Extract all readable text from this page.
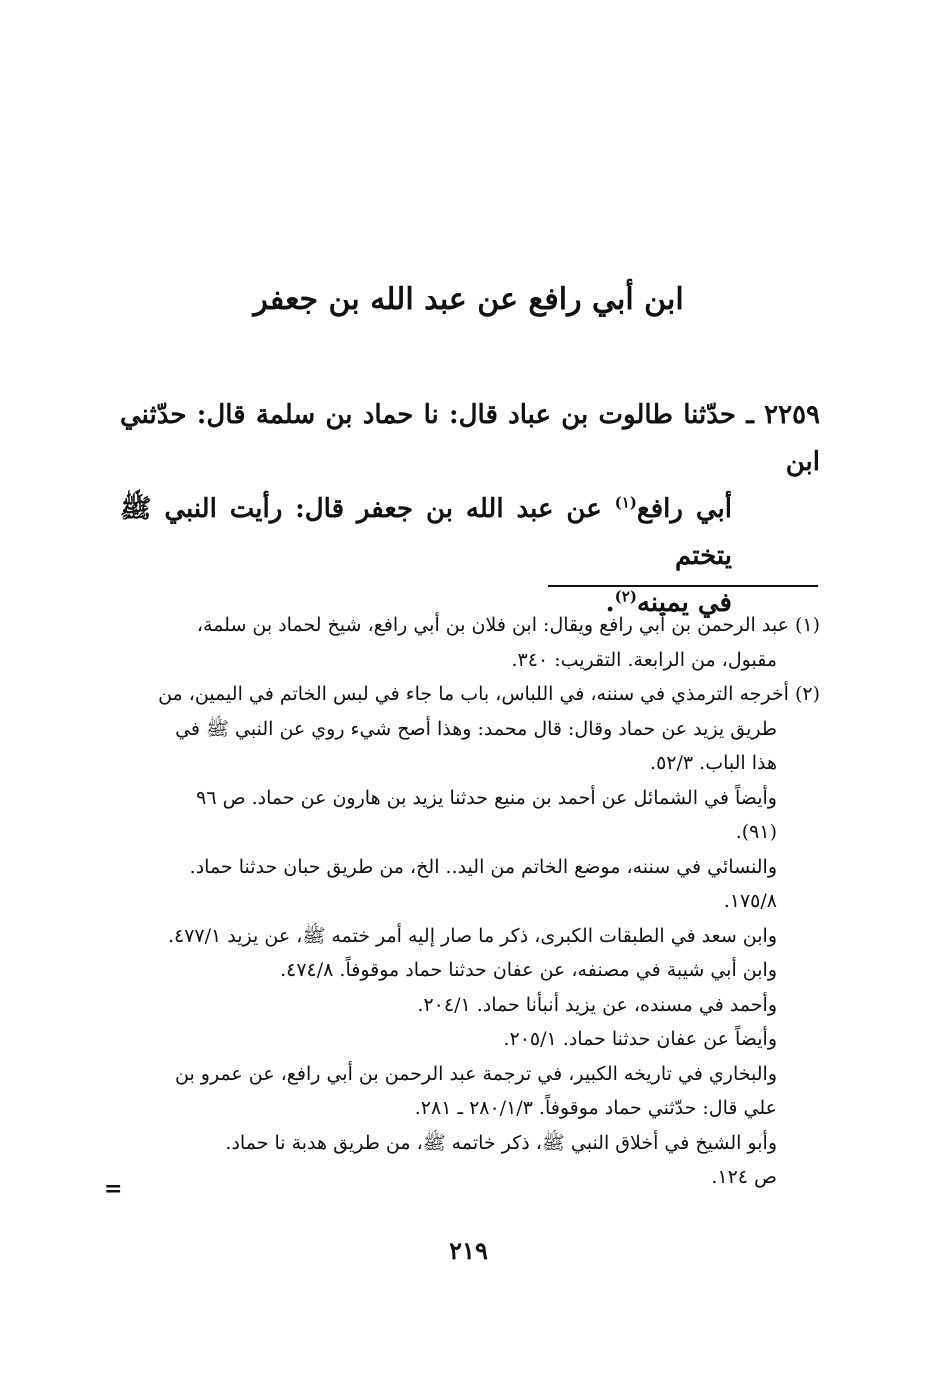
ابن أبي رافع عن عبد الله بن جعفر
٢٢٥٩ ـ حدّثنا طالوت بن عباد قال: نا حماد بن سلمة قال: حدّثني ابن
أبي رافع$^{(١)}$ عن عبد الله بن جعفر قال: رأيت النبي ﷺ يتختم
في يمينه$^{(٢)}$.
(١) عبد الرحمن بن أبي رافع ويقال: ابن فلان بن أبي رافع، شيخ لحماد بن سلمة،
مقبول، من الرابعة. التقريب: ٣٤٠.
(٢) أخرجه الترمذي في سننه، في اللباس، باب ما جاء في لبس الخاتم في اليمين، من
طريق يزيد عن حماد وقال: قال محمد: وهذا أصح شيء روي عن النبي ﷺ في
هذا الباب. ٥٢/٣.
وأيضاً في الشمائل عن أحمد بن منيع حدثنا يزيد بن هارون عن حماد. ص ٩٦
(٩١).
والنسائي في سننه، موضع الخاتم من اليد.. الخ، من طريق حبان حدثنا حماد.
١٧٥/٨.
وابن سعد في الطبقات الكبرى، ذكر ما صار إليه أمر ختمه ﷺ، عن يزيد ٤٧٧/١.
وابن أبي شيبة في مصنفه، عن عفان حدثنا حماد موقوفاً. ٤٧٤/٨.
وأحمد في مسنده، عن يزيد أنبأنا حماد. ٢٠٤/١.
وأيضاً عن عفان حدثنا حماد. ٢٠٥/١.
والبخاري في تاريخه الكبير، في ترجمة عبد الرحمن بن أبي رافع، عن عمرو بن
علي قال: حدّثني حماد موقوفاً. ٢٨٠/١/٣ ـ ٢٨١.
وأبو الشيخ في أخلاق النبي ﷺ، ذكر خاتمه ﷺ، من طريق هدبة نا حماد.
ص ١٢٤.
=
٢١٩
